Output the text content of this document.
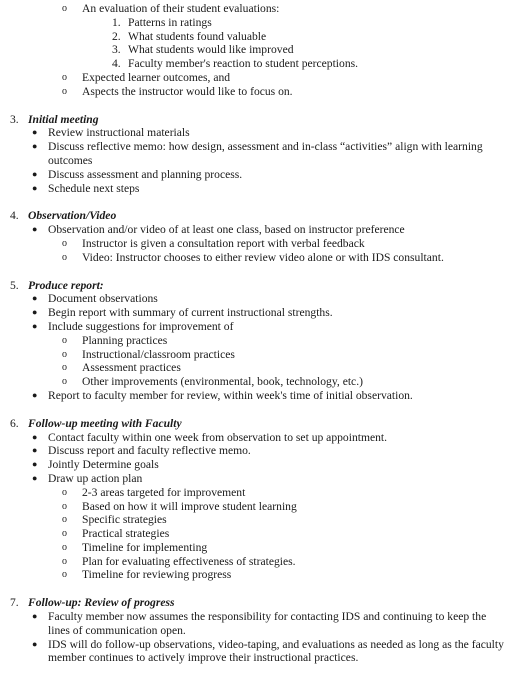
o	An evaluation of their student evaluations:
1. Patterns in ratings
2. What students found valuable
3. What students would like improved
4. Faculty member's reaction to student perceptions.
o	Expected learner outcomes, and
o	Aspects the instructor would like to focus on.
3. Initial meeting
● Review instructional materials
● Discuss reflective memo: how design, assessment and in-class “activities” align with learning outcomes
● Discuss assessment and planning process.
● Schedule next steps
4. Observation/Video
● Observation and/or video of at least one class, based on instructor preference
o	Instructor is given a consultation report with verbal feedback
o	Video: Instructor chooses to either review video alone or with IDS consultant.
5. Produce report:
● Document observations
● Begin report with summary of current instructional strengths.
● Include suggestions for improvement of
o	Planning practices
o	Instructional/classroom practices
o	Assessment practices
o	Other improvements (environmental, book, technology, etc.)
● Report to faculty member for review, within week's time of initial observation.
6. Follow-up meeting with Faculty
● Contact faculty within one week from observation to set up appointment.
● Discuss report and faculty reflective memo.
● Jointly Determine goals
● Draw up action plan
o	2-3 areas targeted for improvement
o	Based on how it will improve student learning
o	Specific strategies
o	Practical strategies
o	Timeline for implementing
o	Plan for evaluating effectiveness of strategies.
o	Timeline for reviewing progress
7. Follow-up: Review of progress
● Faculty member now assumes the responsibility for contacting IDS and continuing to keep the lines of communication open.
● IDS will do follow-up observations, video-taping, and evaluations as needed as long as the faculty member continues to actively improve their instructional practices.
